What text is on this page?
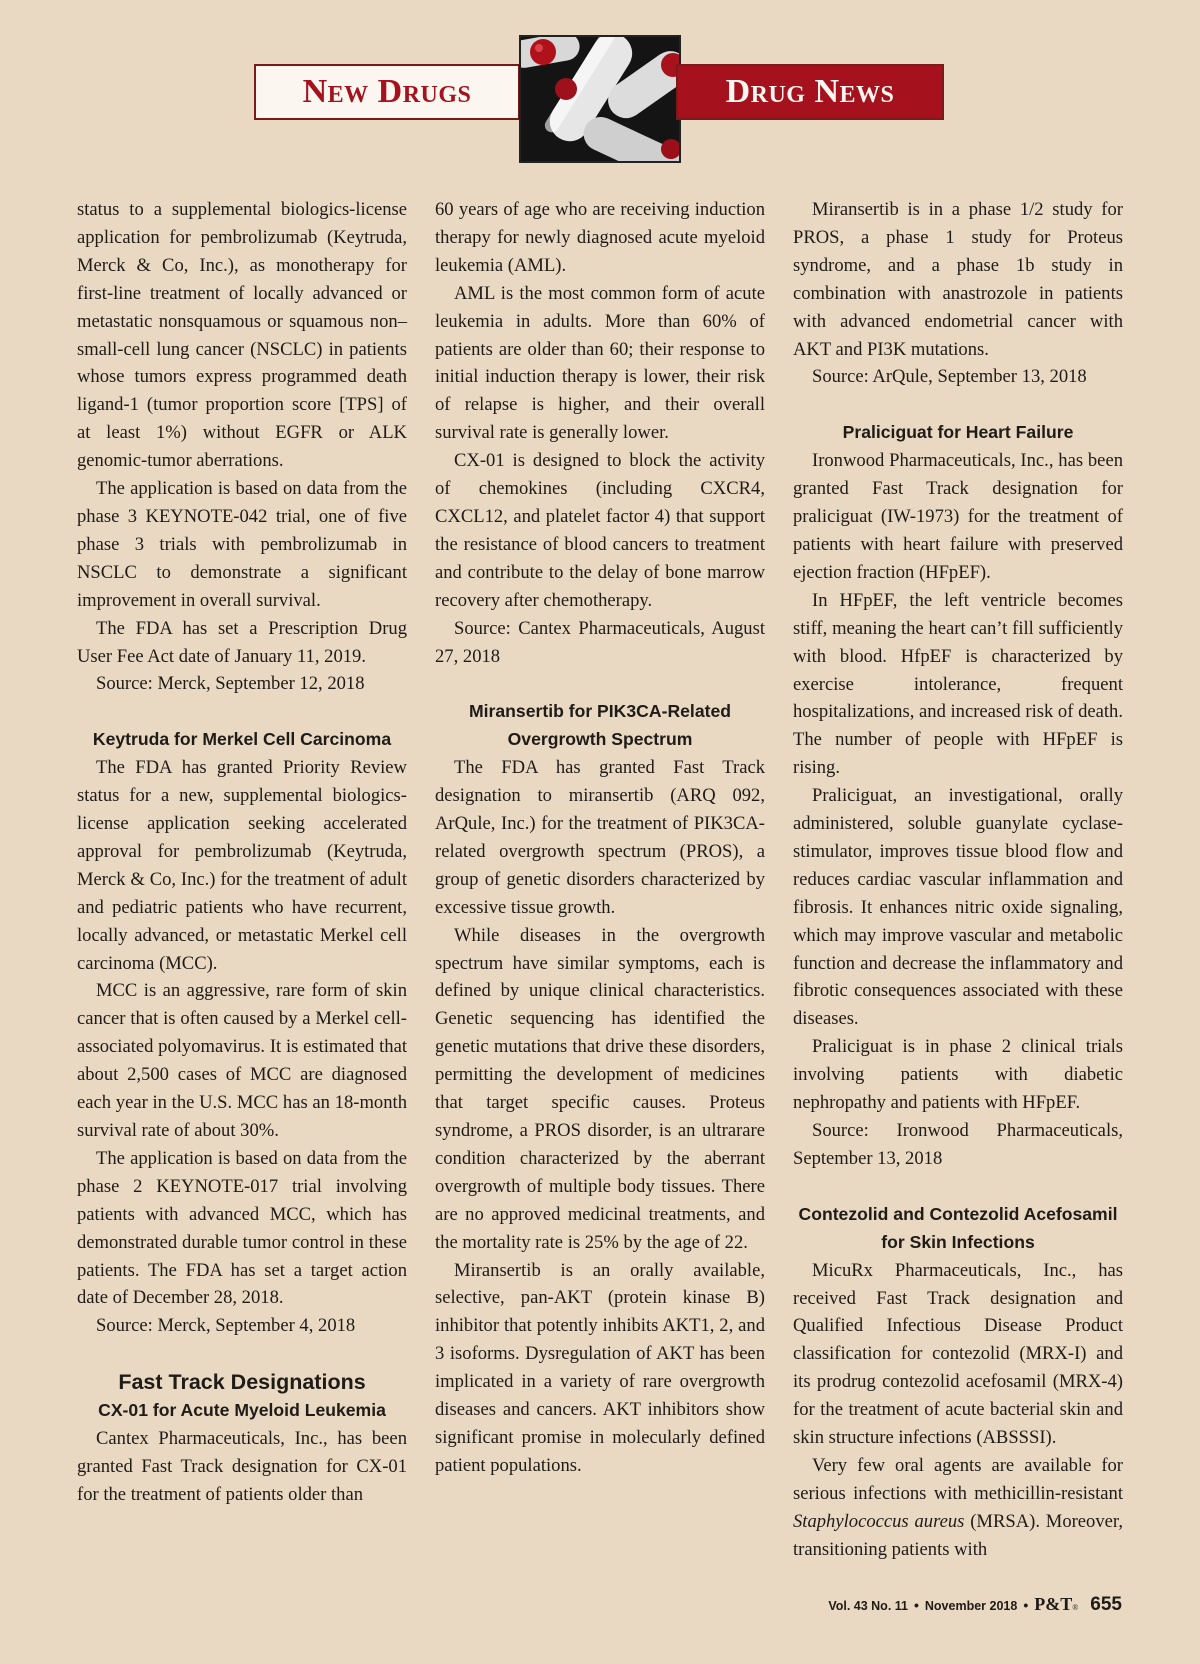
New Drugs	Drug News

status to a supplemental biologics-license application for pembrolizumab (Keytruda, Merck & Co, Inc.), as monotherapy for first-line treatment of locally advanced or metastatic nonsquamous or squamous non–small-cell lung cancer (NSCLC) in patients whose tumors express programmed death ligand-1 (tumor proportion score [TPS] of at least 1%) without EGFR or ALK genomic-tumor aberrations.

The application is based on data from the phase 3 KEYNOTE-042 trial, one of five phase 3 trials with pembrolizumab in NSCLC to demonstrate a significant improvement in overall survival.

The FDA has set a Prescription Drug User Fee Act date of January 11, 2019.

Source: Merck, September 12, 2018

Keytruda for Merkel Cell Carcinoma

The FDA has granted Priority Review status for a new, supplemental biologics-license application seeking accelerated approval for pembrolizumab (Keytruda, Merck & Co, Inc.) for the treatment of adult and pediatric patients who have recurrent, locally advanced, or metastatic Merkel cell carcinoma (MCC).

MCC is an aggressive, rare form of skin cancer that is often caused by a Merkel cell-associated polyomavirus. It is estimated that about 2,500 cases of MCC are diagnosed each year in the U.S. MCC has an 18-month survival rate of about 30%.

The application is based on data from the phase 2 KEYNOTE-017 trial involving patients with advanced MCC, which has demonstrated durable tumor control in these patients. The FDA has set a target action date of December 28, 2018.

Source: Merck, September 4, 2018

Fast Track Designations
CX-01 for Acute Myeloid Leukemia

Cantex Pharmaceuticals, Inc., has been granted Fast Track designation for CX-01 for the treatment of patients older than

60 years of age who are receiving induction therapy for newly diagnosed acute myeloid leukemia (AML).

AML is the most common form of acute leukemia in adults. More than 60% of patients are older than 60; their response to initial induction therapy is lower, their risk of relapse is higher, and their overall survival rate is generally lower.

CX-01 is designed to block the activity of chemokines (including CXCR4, CXCL12, and platelet factor 4) that support the resistance of blood cancers to treatment and contribute to the delay of bone marrow recovery after chemotherapy.

Source: Cantex Pharmaceuticals, August 27, 2018

Miransertib for PIK3CA-Related
Overgrowth Spectrum

The FDA has granted Fast Track designation to miransertib (ARQ 092, ArQule, Inc.) for the treatment of PIK3CA-related overgrowth spectrum (PROS), a group of genetic disorders characterized by excessive tissue growth.

While diseases in the overgrowth spectrum have similar symptoms, each is defined by unique clinical characteristics. Genetic sequencing has identified the genetic mutations that drive these disorders, permitting the development of medicines that target specific causes. Proteus syndrome, a PROS disorder, is an ultrarare condition characterized by the aberrant overgrowth of multiple body tissues. There are no approved medicinal treatments, and the mortality rate is 25% by the age of 22.

Miransertib is an orally available, selective, pan-AKT (protein kinase B) inhibitor that potently inhibits AKT1, 2, and 3 isoforms. Dysregulation of AKT has been implicated in a variety of rare overgrowth diseases and cancers. AKT inhibitors show significant promise in molecularly defined patient populations.

Miransertib is in a phase 1/2 study for PROS, a phase 1 study for Proteus syndrome, and a phase 1b study in combination with anastrozole in patients with advanced endometrial cancer with AKT and PI3K mutations.

Source: ArQule, September 13, 2018

Praliciguat for Heart Failure

Ironwood Pharmaceuticals, Inc., has been granted Fast Track designation for praliciguat (IW-1973) for the treatment of patients with heart failure with preserved ejection fraction (HFpEF).

In HFpEF, the left ventricle becomes stiff, meaning the heart can’t fill sufficiently with blood. HfpEF is characterized by exercise intolerance, frequent hospitalizations, and increased risk of death. The number of people with HFpEF is rising.

Praliciguat, an investigational, orally administered, soluble guanylate cyclase-stimulator, improves tissue blood flow and reduces cardiac vascular inflammation and fibrosis. It enhances nitric oxide signaling, which may improve vascular and metabolic function and decrease the inflammatory and fibrotic consequences associated with these diseases.

Praliciguat is in phase 2 clinical trials involving patients with diabetic nephropathy and patients with HFpEF.

Source: Ironwood Pharmaceuticals, September 13, 2018

Contezolid and Contezolid Acefosamil
for Skin Infections

MicuRx Pharmaceuticals, Inc., has received Fast Track designation and Qualified Infectious Disease Product classification for contezolid (MRX-I) and its prodrug contezolid acefosamil (MRX-4) for the treatment of acute bacterial skin and skin structure infections (ABSSSI).

Very few oral agents are available for serious infections with methicillin-resistant Staphylococcus aureus (MRSA). Moreover, transitioning patients with

Vol. 43 No. 11 • November 2018 • P&T® 655
